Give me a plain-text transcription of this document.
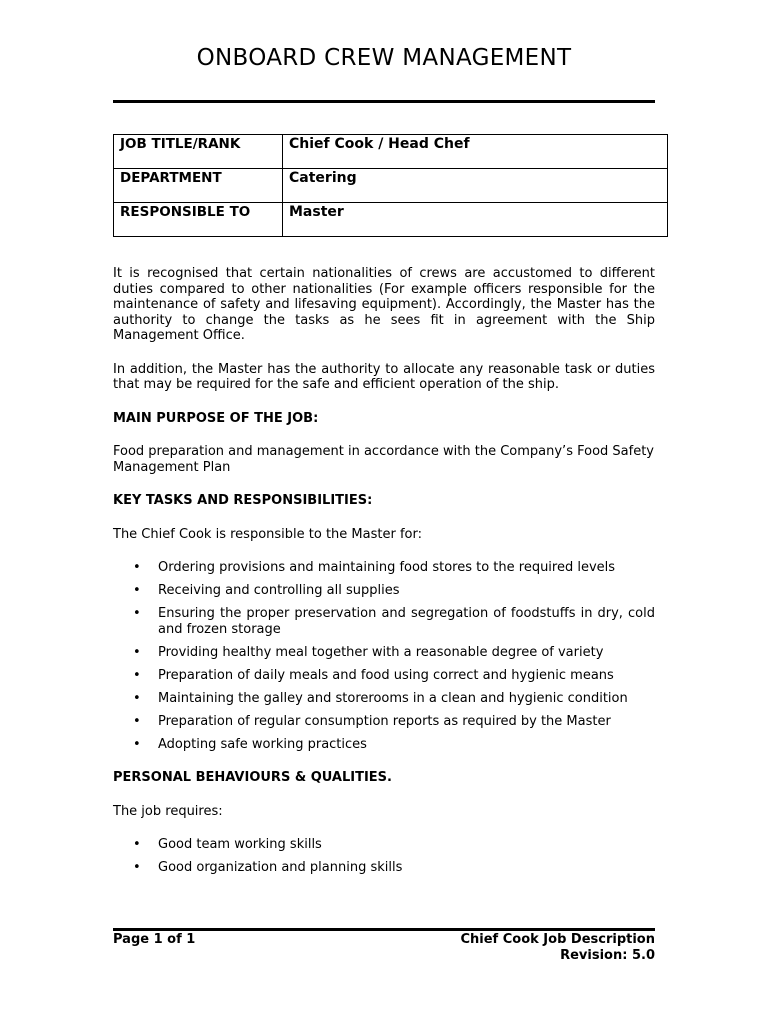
ONBOARD CREW MANAGEMENT
JOB TITLE/RANK	Chief Cook / Head Chef
DEPARTMENT	Catering
RESPONSIBLE TO	Master

It is recognised that certain nationalities of crews are accustomed to different duties compared to other nationalities (For example officers responsible for the maintenance of safety and lifesaving equipment). Accordingly, the Master has the authority to change the tasks as he sees fit in agreement with the Ship Management Office.

In addition, the Master has the authority to allocate any reasonable task or duties that may be required for the safe and efficient operation of the ship.

MAIN PURPOSE OF THE JOB:

Food preparation and management in accordance with the Company’s Food Safety Management Plan

KEY TASKS AND RESPONSIBILITIES:

The Chief Cook is responsible to the Master for:

• Ordering provisions and maintaining food stores to the required levels
• Receiving and controlling all supplies
• Ensuring the proper preservation and segregation of foodstuffs in dry, cold and frozen storage
• Providing healthy meal together with a reasonable degree of variety
• Preparation of daily meals and food using correct and hygienic means
• Maintaining the galley and storerooms in a clean and hygienic condition
• Preparation of regular consumption reports as required by the Master
• Adopting safe working practices

PERSONAL BEHAVIOURS & QUALITIES.

The job requires:

• Good team working skills
• Good organization and planning skills
Page 1 of 1	Chief Cook Job Description
Revision: 5.0
